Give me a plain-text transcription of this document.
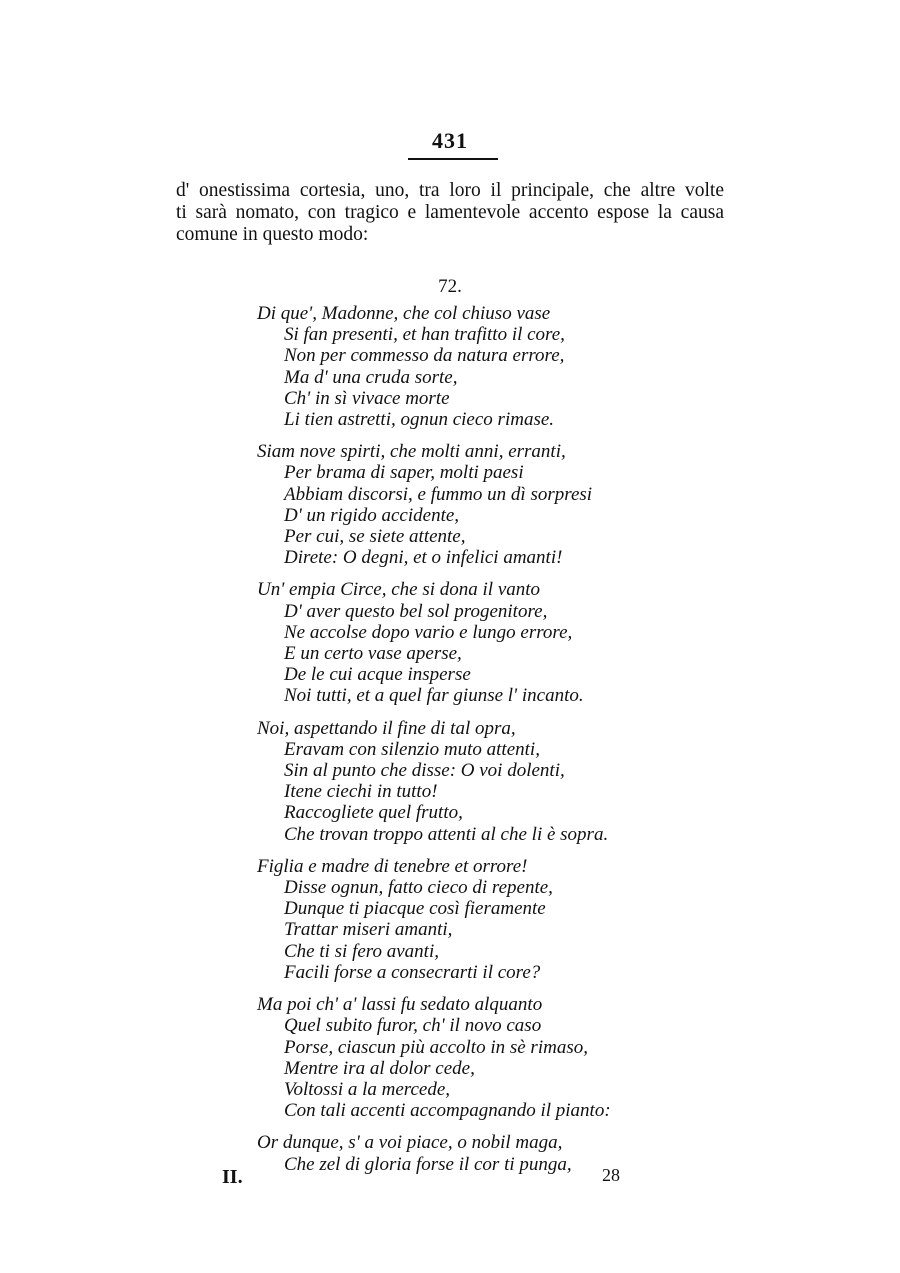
431
d' onestissima cortesia, uno, tra loro il principale, che altre volte
ti sarà nomato, con tragico e lamentevole accento espose la causa
comune in questo modo:
72.
Di que', Madonne, che col chiuso vase
Si fan presenti, et han trafitto il core,
Non per commesso da natura errore,
Ma d' una cruda sorte,
Ch' in sì vivace morte
Li tien astretti, ognun cieco rimase.
Siam nove spirti, che molti anni, erranti,
Per brama di saper, molti paesi
Abbiam discorsi, e fummo un dì sorpresi
D' un rigido accidente,
Per cui, se siete attente,
Direte: O degni, et o infelici amanti!
Un' empia Circe, che si dona il vanto
D' aver questo bel sol progenitore,
Ne accolse dopo vario e lungo errore,
E un certo vase aperse,
De le cui acque insperse
Noi tutti, et a quel far giunse l' incanto.
Noi, aspettando il fine di tal opra,
Eravam con silenzio muto attenti,
Sin al punto che disse: O voi dolenti,
Itene ciechi in tutto!
Raccogliete quel frutto,
Che trovan troppo attenti al che li è sopra.
Figlia e madre di tenebre et orrore!
Disse ognun, fatto cieco di repente,
Dunque ti piacque così fieramente
Trattar miseri amanti,
Che ti si fero avanti,
Facili forse a consecrarti il core?
Ma poi ch' a' lassi fu sedato alquanto
Quel subito furor, ch' il novo caso
Porse, ciascun più accolto in sè rimaso,
Mentre ira al dolor cede,
Voltossi a la mercede,
Con tali accenti accompagnando il pianto:
Or dunque, s' a voi piace, o nobil maga,
Che zel di gloria forse il cor ti punga,
II.	28
